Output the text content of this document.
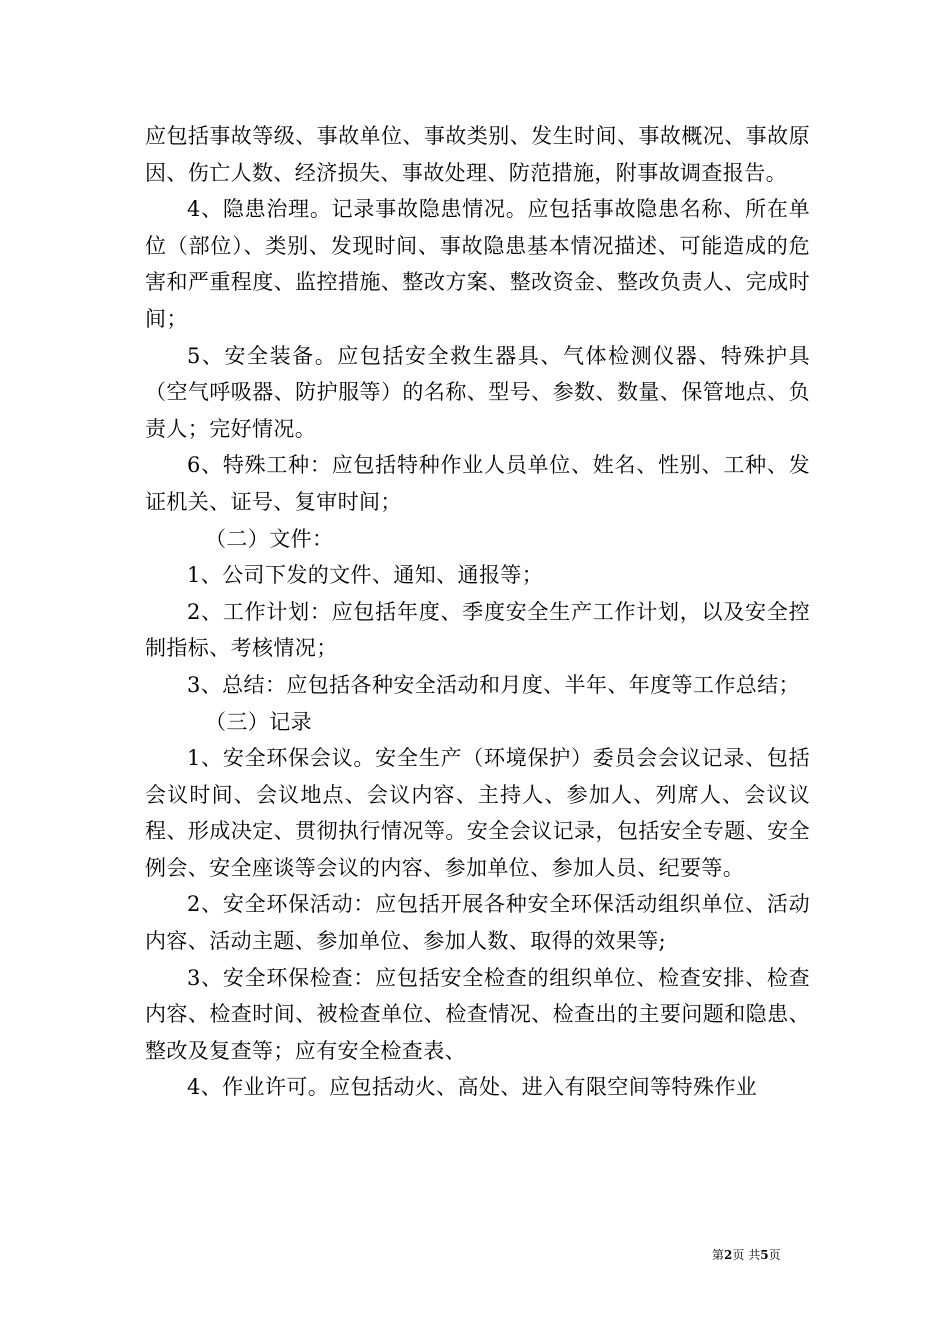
应包括事故等级、事故单位、事故类别、发生时间、事故概况、事故原因、伤亡人数、经济损失、事故处理、防范措施，附事故调查报告。

4、隐患治理。记录事故隐患情况。应包括事故隐患名称、所在单位（部位）、类别、发现时间、事故隐患基本情况描述、可能造成的危害和严重程度、监控措施、整改方案、整改资金、整改负责人、完成时间；

5、安全装备。应包括安全救生器具、气体检测仪器、特殊护具（空气呼吸器、防护服等）的名称、型号、参数、数量、保管地点、负责人；完好情况。

6、特殊工种：应包括特种作业人员单位、姓名、性别、工种、发证机关、证号、复审时间；

（二）文件：

1、公司下发的文件、通知、通报等；

2、工作计划：应包括年度、季度安全生产工作计划，以及安全控制指标、考核情况；

3、总结：应包括各种安全活动和月度、半年、年度等工作总结；

（三）记录

1、安全环保会议。安全生产（环境保护）委员会会议记录、包括会议时间、会议地点、会议内容、主持人、参加人、列席人、会议议程、形成决定、贯彻执行情况等。安全会议记录，包括安全专题、安全例会、安全座谈等会议的内容、参加单位、参加人员、纪要等。

2、安全环保活动：应包括开展各种安全环保活动组织单位、活动内容、活动主题、参加单位、参加人数、取得的效果等;

3、安全环保检查：应包括安全检查的组织单位、检查安排、检查内容、检查时间、被检查单位、检查情况、检查出的主要问题和隐患、整改及复查等；应有安全检查表、

4、作业许可。应包括动火、高处、进入有限空间等特殊作业

第2页 共5页
